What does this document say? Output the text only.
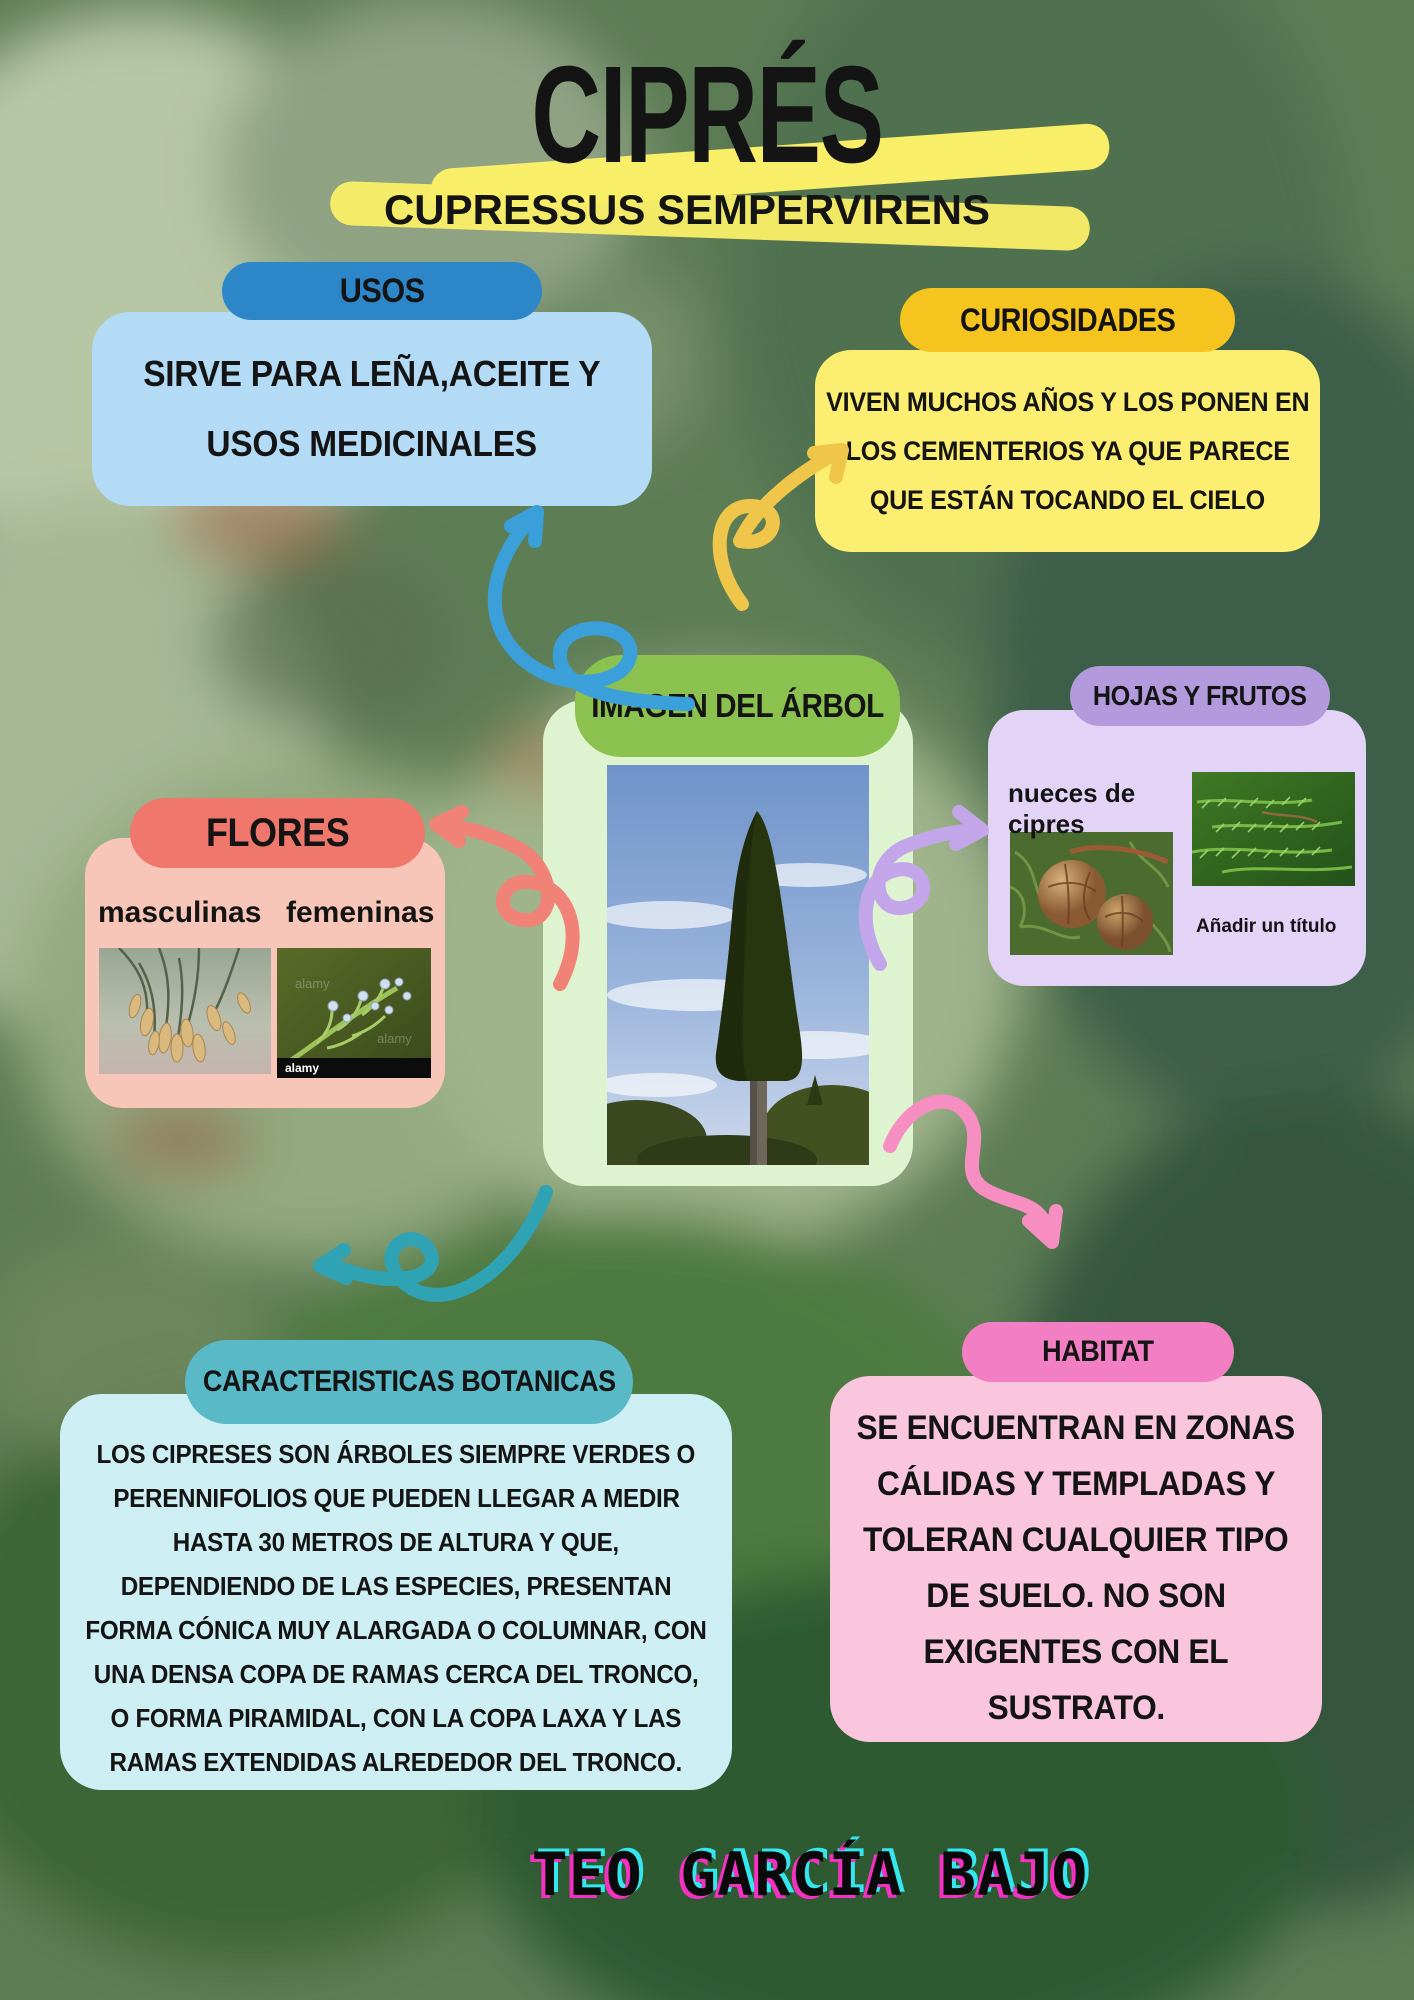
CIPRÉS
CUPRESSUS SEMPERVIRENS
USOS
SIRVE PARA LEÑA,ACEITE Y
USOS MEDICINALES
CURIOSIDADES
VIVEN MUCHOS AÑOS Y LOS PONEN EN
LOS CEMENTERIOS YA QUE PARECE
QUE ESTÁN TOCANDO EL CIELO
IMAGEN DEL ÁRBOL	HOJAS Y FRUTOS
nueces de cipres
Añadir un título
FLORES
masculinas femeninas
alamy
alamy
alamy
LOS CIPRESES SON ÁRBOLES SIEMPRE VERDES O
PERENNIFOLIOS QUE PUEDEN LLEGAR A MEDIR
HASTA 30 METROS DE ALTURA Y QUE,
DEPENDIENDO DE LAS ESPECIES, PRESENTAN
FORMA CÓNICA MUY ALARGADA O COLUMNAR, CON
UNA DENSA COPA DE RAMAS CERCA DEL TRONCO,
O FORMA PIRAMIDAL, CON LA COPA LAXA Y LAS
RAMAS EXTENDIDAS ALREDEDOR DEL TRONCO.
CARACTERISTICAS BOTANICAS
SE ENCUENTRAN EN ZONAS
CÁLIDAS Y TEMPLADAS Y
TOLERAN CUALQUIER TIPO
DE SUELO. NO SON
EXIGENTES CON EL
SUSTRATO.
HABITAT
TEO GARCÍA BAJO
